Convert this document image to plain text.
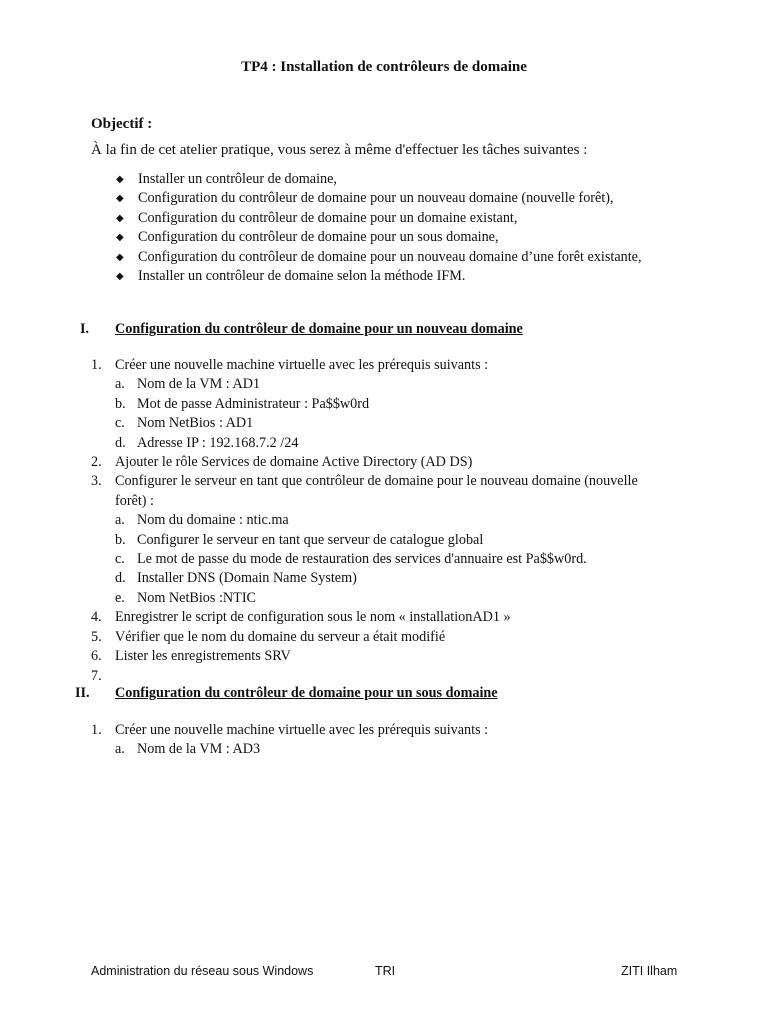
TP4 : Installation de contrôleurs de domaine
Objectif :
À la fin de cet atelier pratique, vous serez à même d'effectuer les tâches suivantes :
◆ Installer un contrôleur de domaine,
◆ Configuration du contrôleur de domaine pour un nouveau domaine (nouvelle forêt),
◆ Configuration du contrôleur de domaine pour un domaine existant,
◆ Configuration du contrôleur de domaine pour un sous domaine,
◆ Configuration du contrôleur de domaine pour un nouveau domaine d’une forêt existante,
◆ Installer un contrôleur de domaine selon la méthode IFM.
I. Configuration du contrôleur de domaine pour un nouveau domaine
1. Créer une nouvelle machine virtuelle avec les prérequis suivants :
a. Nom de la VM : AD1
b. Mot de passe Administrateur : Pa$$w0rd
c. Nom NetBios : AD1
d. Adresse IP : 192.168.7.2 /24
2. Ajouter le rôle Services de domaine Active Directory (AD DS)
3. Configurer le serveur en tant que contrôleur de domaine pour le nouveau domaine (nouvelle forêt) :
a. Nom du domaine : ntic.ma
b. Configurer le serveur en tant que serveur de catalogue global
c. Le mot de passe du mode de restauration des services d'annuaire est Pa$$w0rd.
d. Installer DNS (Domain Name System)
e. Nom NetBios :NTIC
4. Enregistrer le script de configuration sous le nom « installationAD1 »
5. Vérifier que le nom du domaine du serveur a était modifié
6. Lister les enregistrements SRV
7.
II. Configuration du contrôleur de domaine pour un sous domaine
1. Créer une nouvelle machine virtuelle avec les prérequis suivants :
a. Nom de la VM : AD3
Administration du réseau sous Windows	TRI	ZITI Ilham
